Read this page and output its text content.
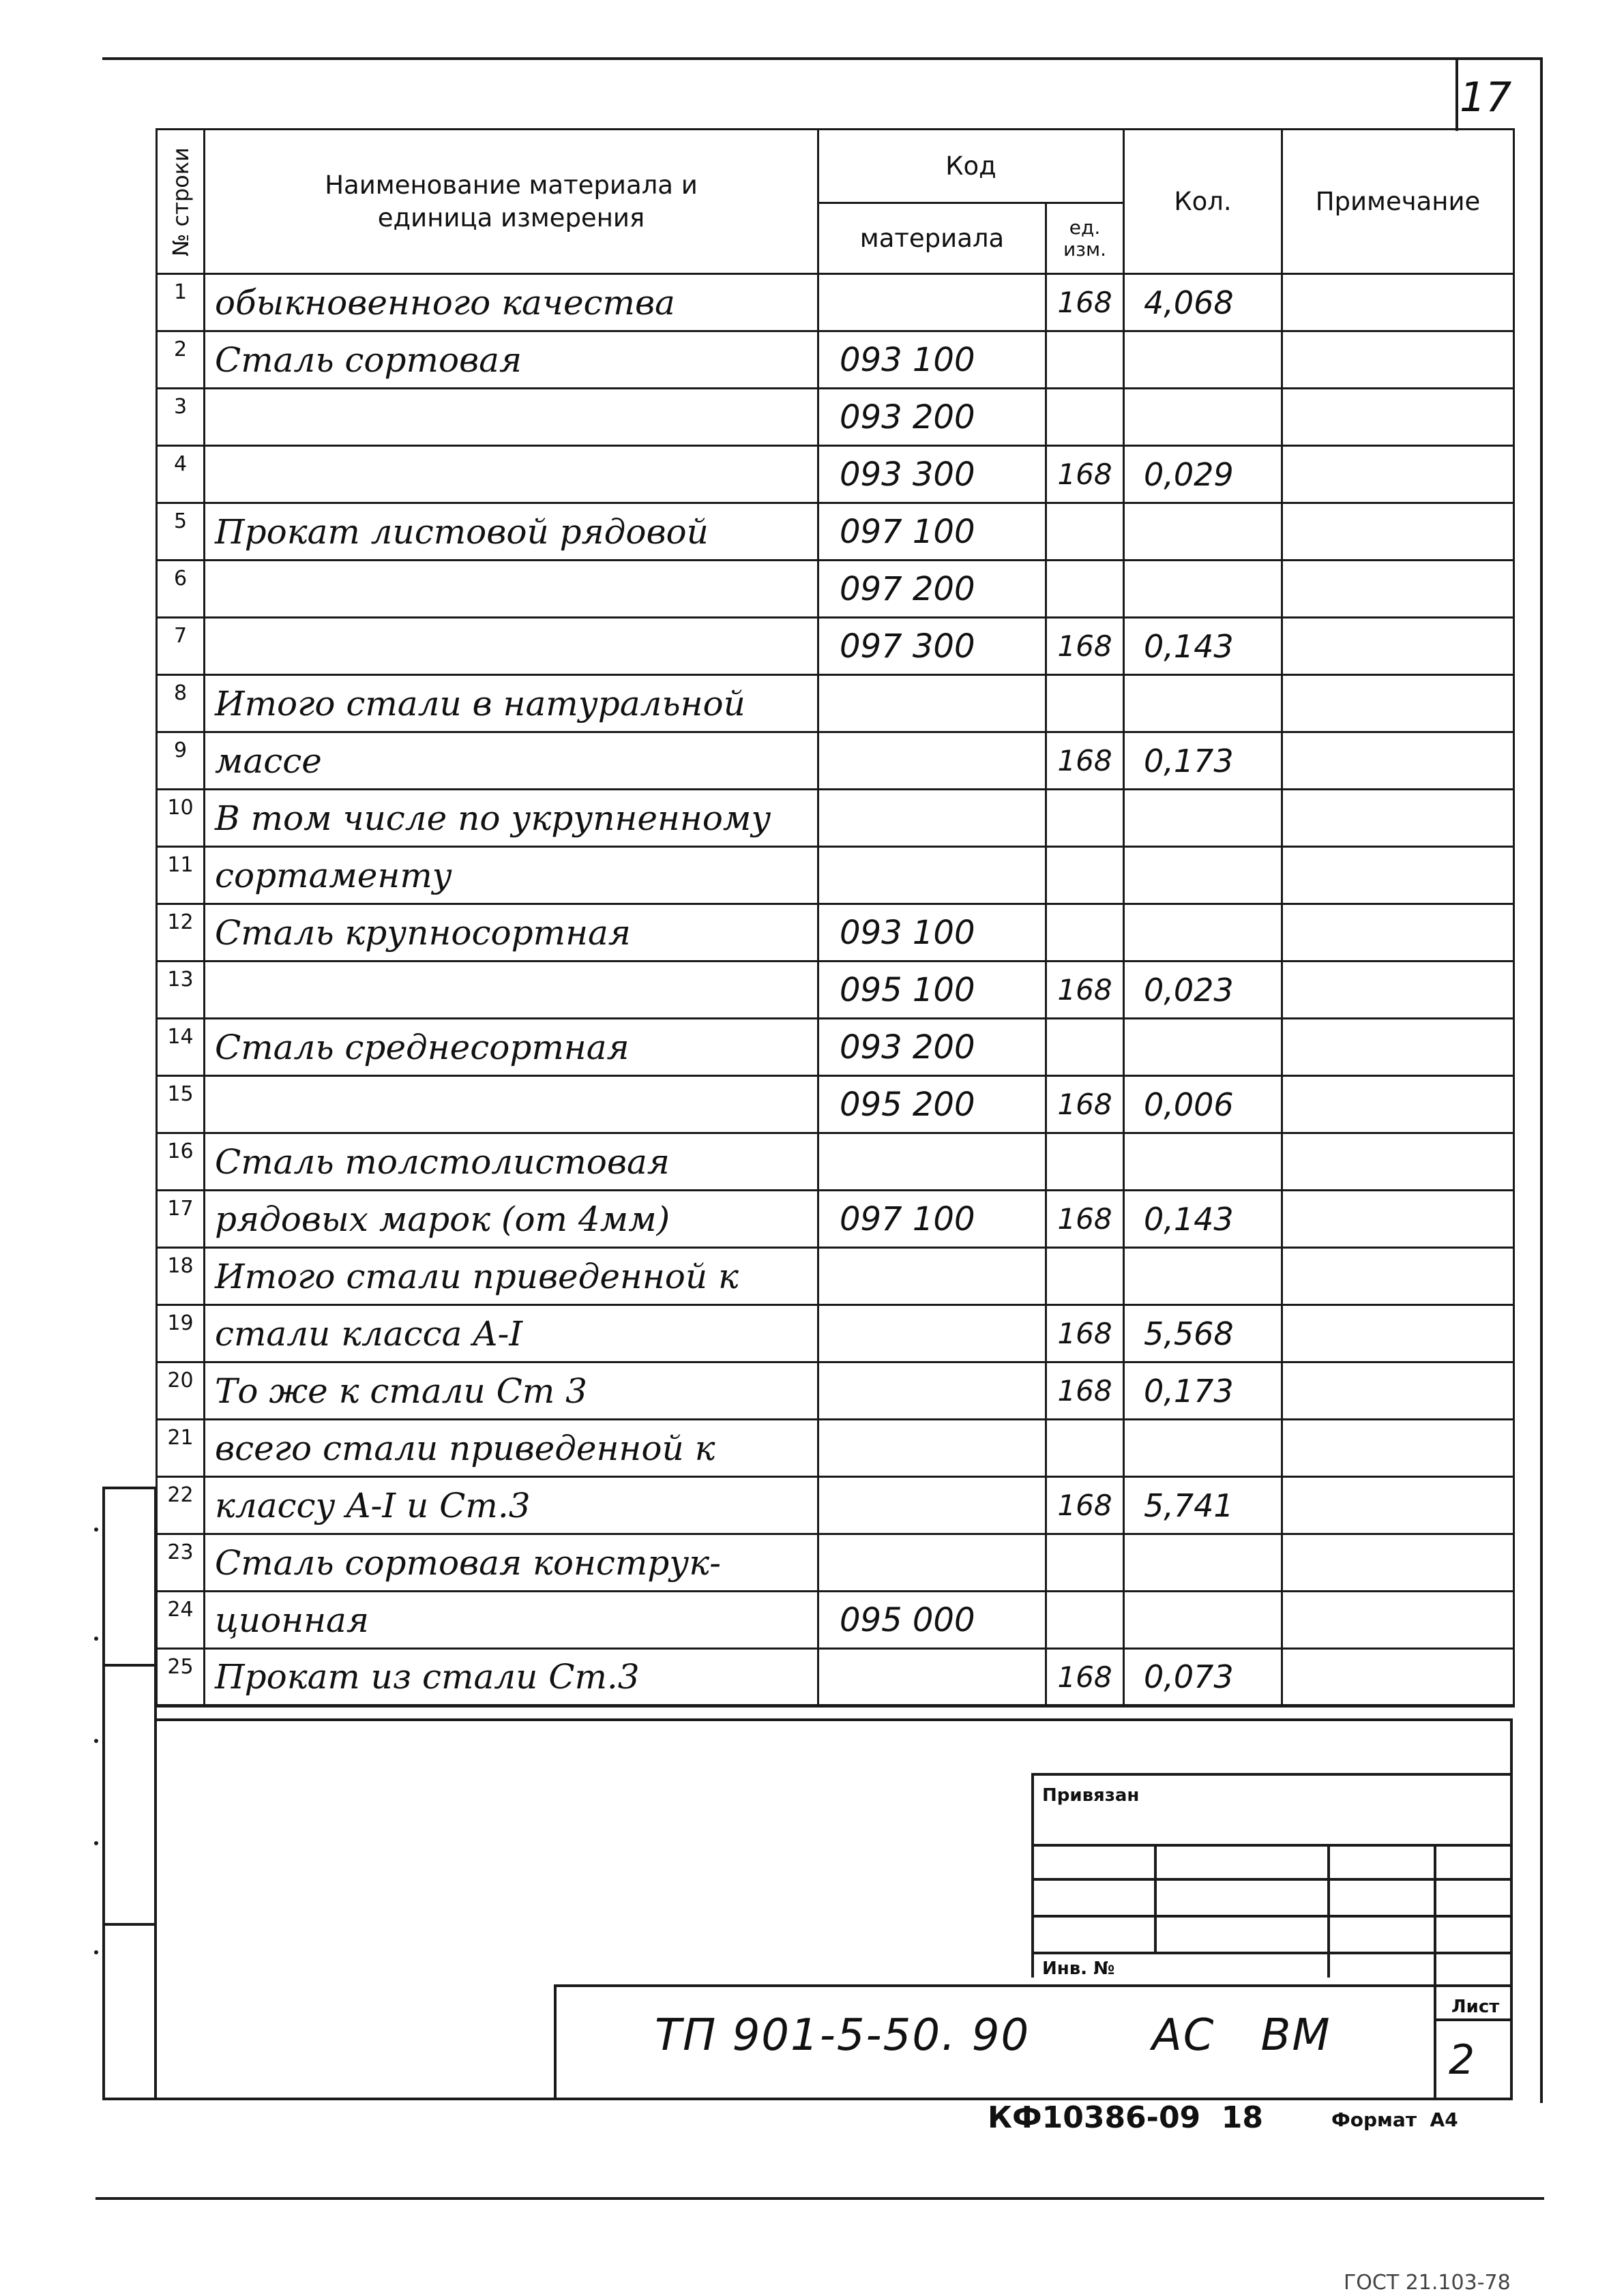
17
№ строки	Наименование материала и единица измерения	Код		Кол.	Примечание
		материала	ед. изм.		
1	обыкновенного качества		168	4,068	
2	Сталь сортовая	093 100			
3		093 200			
4		093 300	168	0,029	
5	Прокат листовой рядовой	097 100			
6		097 200			
7		097 300	168	0,143	
8	Итого стали в натуральной				
9	массе		168	0,173	
10	В том числе по укрупненному				
11	сортаменту				
12	Сталь крупносортная	093 100			
13		095 100	168	0,023	
14	Сталь среднесортная	093 200			
15		095 200	168	0,006	
16	Сталь толстолистовая				
17	рядовых марок (от 4мм)	097 100	168	0,143	
18	Итого стали приведенной к				
19	стали класса A-I		168	5,568	
20	То же к стали Ст 3		168	0,173	
21	всего стали приведенной к				
22	классу A-I и Ст.3		168	5,741	
23	Сталь сортовая конструк-				
24	ционная	095 000			
25	Прокат из стали Ст.3		168	0,073	
Привязан
Инв. №
Лист
ТП 901-5-50. 90        АС   ВМ	2
КФ10386-09  18	Формат  А4
ГОСТ 21.103-78
